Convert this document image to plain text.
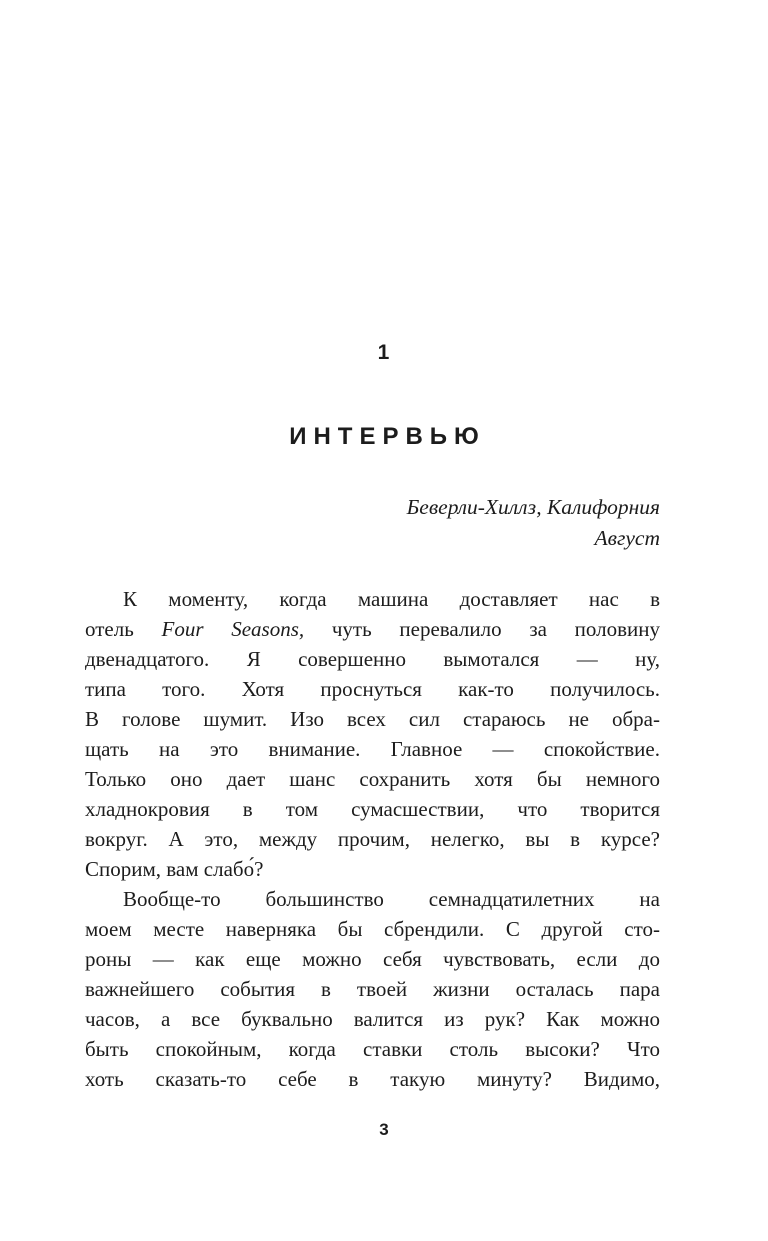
1
ИНТЕРВЬЮ
Беверли-Хиллз, Калифорния
Август
К моменту, когда машина доставляет нас в
отель Four Seasons, чуть перевалило за половину
двенадцатого. Я совершенно вымотался — ну,
типа того. Хотя проснуться как-то получилось.
В голове шумит. Изо всех сил стараюсь не обра-
щать на это внимание. Главное — спокойствие.
Только оно дает шанс сохранить хотя бы немного
хладнокровия в том сумасшествии, что творится
вокруг. А это, между прочим, нелегко, вы в курсе?
Спорим, вам слабо́?
Вообще-то большинство семнадцатилетних на
моем месте наверняка бы сбрендили. С другой сто-
роны — как еще можно себя чувствовать, если до
важнейшего события в твоей жизни осталась пара
часов, а все буквально валится из рук? Как можно
быть спокойным, когда ставки столь высоки? Что
хоть сказать-то себе в такую минуту? Видимо,
3
